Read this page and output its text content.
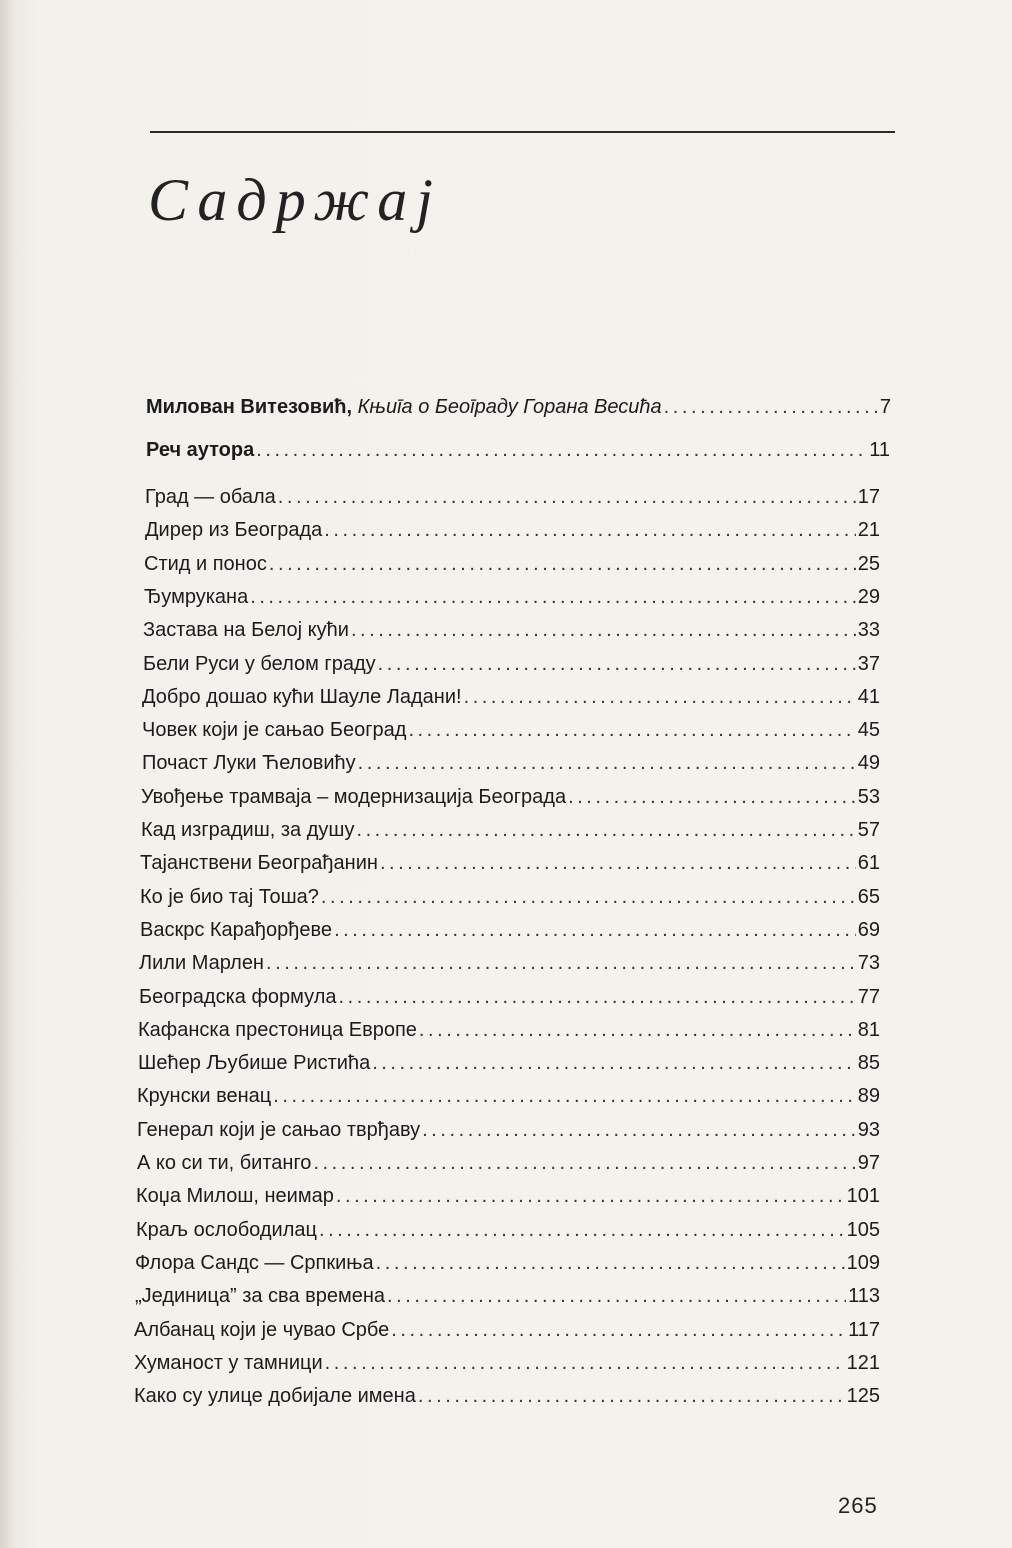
Садржај
Милован Витезовић, Књиīа о Беоīраду Горана Весића . . .	7
Реч аутора . . .	11
Град — обала . . .	17
Дирер из Београда . . .	21
Стид и понос . . .	25
Ђумрукана . . .	29
Застава на Белој кући . . .	33
Бели Руси у белом граду . . .	37
Добро дошао кући Шауле Ладани! . . .	41
Човек који је сањао Београд . . .	45
Почаст Луки Ћеловићу . . .	49
Увођење трамваја – модернизација Београда . . .	53
Кад изградиш, за душу . . .	57
Тајанствени Београђанин . . .	61
Ко је био тај Тоша? . . .	65
Васкрс Карађорђеве . . .	69
Лили Марлен . . .	73
Београдска формула . . .	77
Кафанска престоница Европе . . .	81
Шећер Љубише Ристића . . .	85
Крунски венац . . .	89
Генерал који је сањао тврђаву . . .	93
А ко си ти, битанго . . .	97
Коџа Милош, неимар . . .	101
Краљ ослободилац . . .	105
Флора Сандс — Српкиња . . .	109
„Јединица” за сва времена . . .	113
Албанац који је чувао Србе . . .	117
Хуманост у тамници . . .	121
Како су улице добијале имена . . .	125
265
